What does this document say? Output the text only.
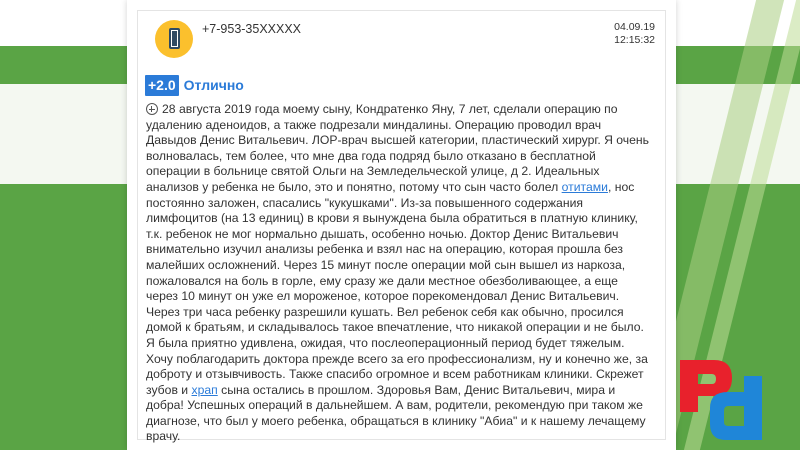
+7-953-35XXXXX	04.09.19
12:15:32
+2.0 Отлично
28 августа 2019 года моему сыну, Кондратенко Яну, 7 лет, сделали операцию по удалению аденоидов, а также подрезали миндалины. Операцию проводил врач Давыдов Денис Витальевич. ЛОР-врач высшей категории, пластический хирург. Я очень волновалась, тем более, что мне два года подряд было отказано в бесплатной операции в больнице святой Ольги на Земледельческой улице, д 2. Идеальных анализов у ребенка не было, это и понятно, потому что сын часто болел отитами, нос постоянно заложен, спасались "кукушками". Из-за повышенного содержания лимфоцитов (на 13 единиц) в крови я вынуждена была обратиться в платную клинику, т.к. ребенок не мог нормально дышать, особенно ночью. Доктор Денис Витальевич внимательно изучил анализы ребенка и взял нас на операцию, которая прошла без малейших осложнений. Через 15 минут после операции мой сын вышел из наркоза, пожаловался на боль в горле, ему сразу же дали местное обезболивающее, а еще через 10 минут он уже ел мороженое, которое порекомендовал Денис Витальевич. Через три часа ребенку разрешили кушать. Вел ребенок себя как обычно, просился домой к братьям, и складывалось такое впечатление, что никакой операции и не было. Я была приятно удивлена, ожидая, что послеоперационный период будет тяжелым. Хочу поблагодарить доктора прежде всего за его профессионализм, ну и конечно же, за доброту и отзывчивость. Также спасибо огромное и всем работникам клиники. Скрежет зубов и храп сына остались в прошлом. Здоровья Вам, Денис Витальевич, мира и добра! Успешных операций в дальнейшем. А вам, родители, рекомендую при таком же диагнозе, что был у моего ребенка, обращаться в клинику "Абиа" и к нашему лечащему врачу.
